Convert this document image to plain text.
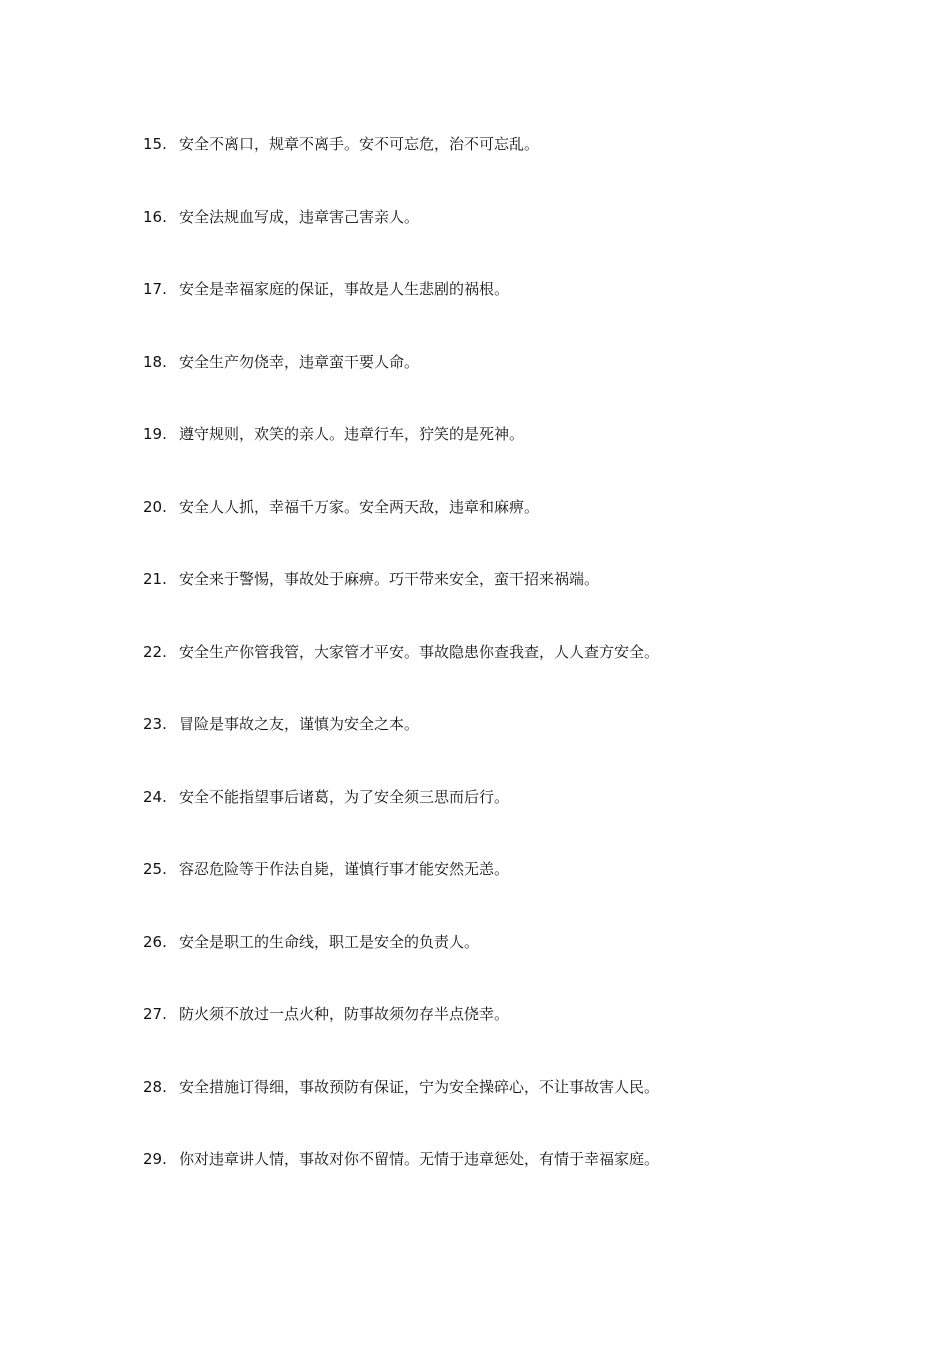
15. 安全不离口，规章不离手。安不可忘危，治不可忘乱。
16. 安全法规血写成，违章害己害亲人。
17. 安全是幸福家庭的保证，事故是人生悲剧的祸根。
18. 安全生产勿侥幸，违章蛮干要人命。
19. 遵守规则，欢笑的亲人。违章行车，狞笑的是死神。
20. 安全人人抓，幸福千万家。安全两天敌，违章和麻痹。
21. 安全来于警惕，事故处于麻痹。巧干带来安全，蛮干招来祸端。
22. 安全生产你管我管，大家管才平安。事故隐患你查我查，人人查方安全。
23. 冒险是事故之友，谨慎为安全之本。
24. 安全不能指望事后诸葛，为了安全须三思而后行。
25. 容忍危险等于作法自毙，谨慎行事才能安然无恙。
26. 安全是职工的生命线，职工是安全的负责人。
27. 防火须不放过一点火种，防事故须勿存半点侥幸。
28. 安全措施订得细，事故预防有保证，宁为安全操碎心，不让事故害人民。
29. 你对违章讲人情，事故对你不留情。无情于违章惩处，有情于幸福家庭。
